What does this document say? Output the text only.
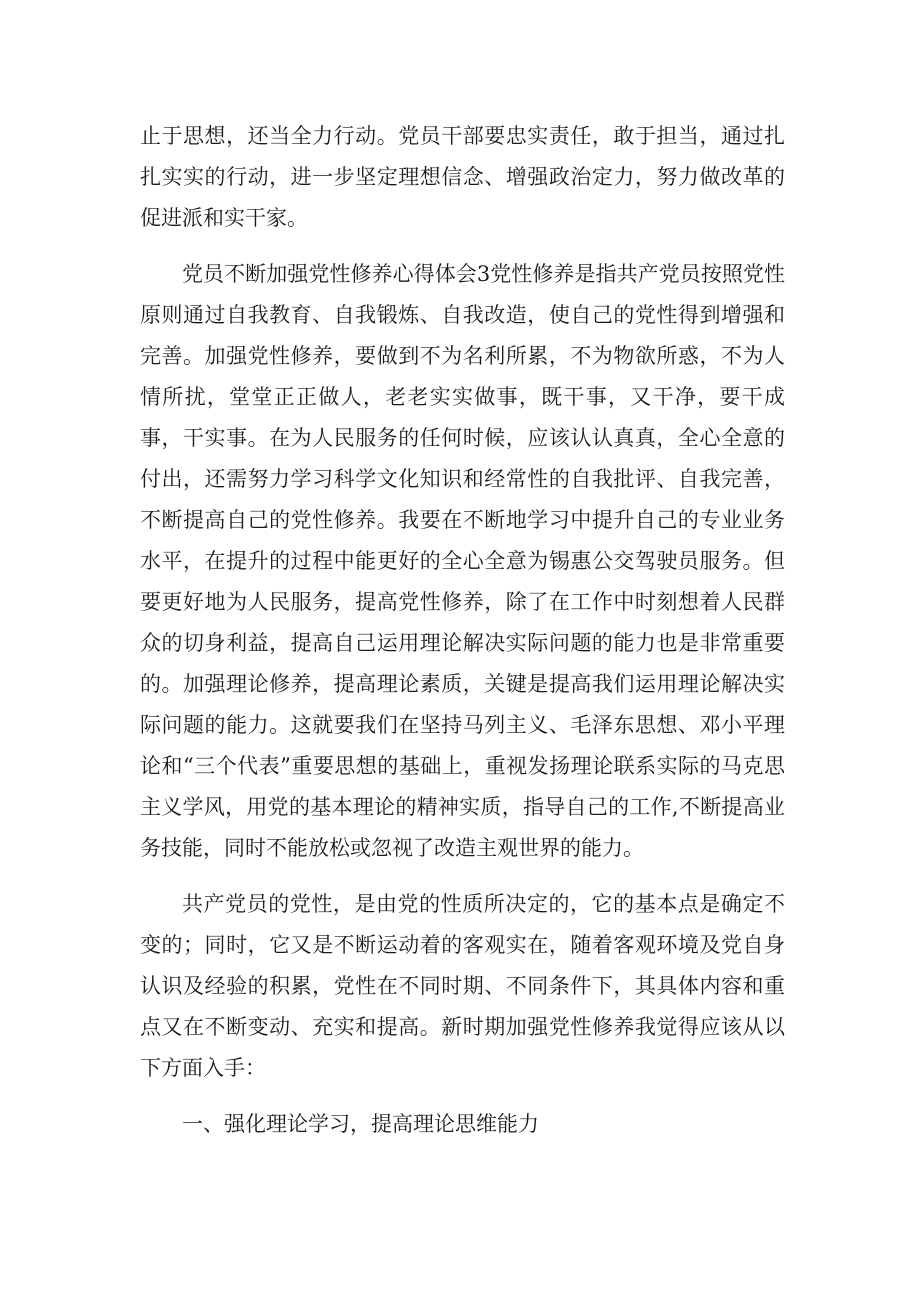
止于思想，还当全力行动。党员干部要忠实责任，敢于担当，通过扎扎实实的行动，进一步坚定理想信念、增强政治定力，努力做改革的促进派和实干家。

党员不断加强党性修养心得体会3党性修养是指共产党员按照党性原则通过自我教育、自我锻炼、自我改造，使自己的党性得到增强和完善。加强党性修养，要做到不为名利所累，不为物欲所惑，不为人情所扰，堂堂正正做人，老老实实做事，既干事，又干净，要干成事，干实事。在为人民服务的任何时候，应该认认真真，全心全意的付出，还需努力学习科学文化知识和经常性的自我批评、自我完善，不断提高自己的党性修养。我要在不断地学习中提升自己的专业业务水平，在提升的过程中能更好的全心全意为锡惠公交驾驶员服务。但要更好地为人民服务，提高党性修养，除了在工作中时刻想着人民群众的切身利益，提高自己运用理论解决实际问题的能力也是非常重要的。加强理论修养，提高理论素质，关键是提高我们运用理论解决实际问题的能力。这就要我们在坚持马列主义、毛泽东思想、邓小平理论和“三个代表”重要思想的基础上，重视发扬理论联系实际的马克思主义学风，用党的基本理论的精神实质，指导自己的工作,不断提高业务技能，同时不能放松或忽视了改造主观世界的能力。

共产党员的党性，是由党的性质所决定的，它的基本点是确定不变的；同时，它又是不断运动着的客观实在，随着客观环境及党自身认识及经验的积累，党性在不同时期、不同条件下，其具体内容和重点又在不断变动、充实和提高。新时期加强党性修养我觉得应该从以下方面入手：

一、强化理论学习，提高理论思维能力
